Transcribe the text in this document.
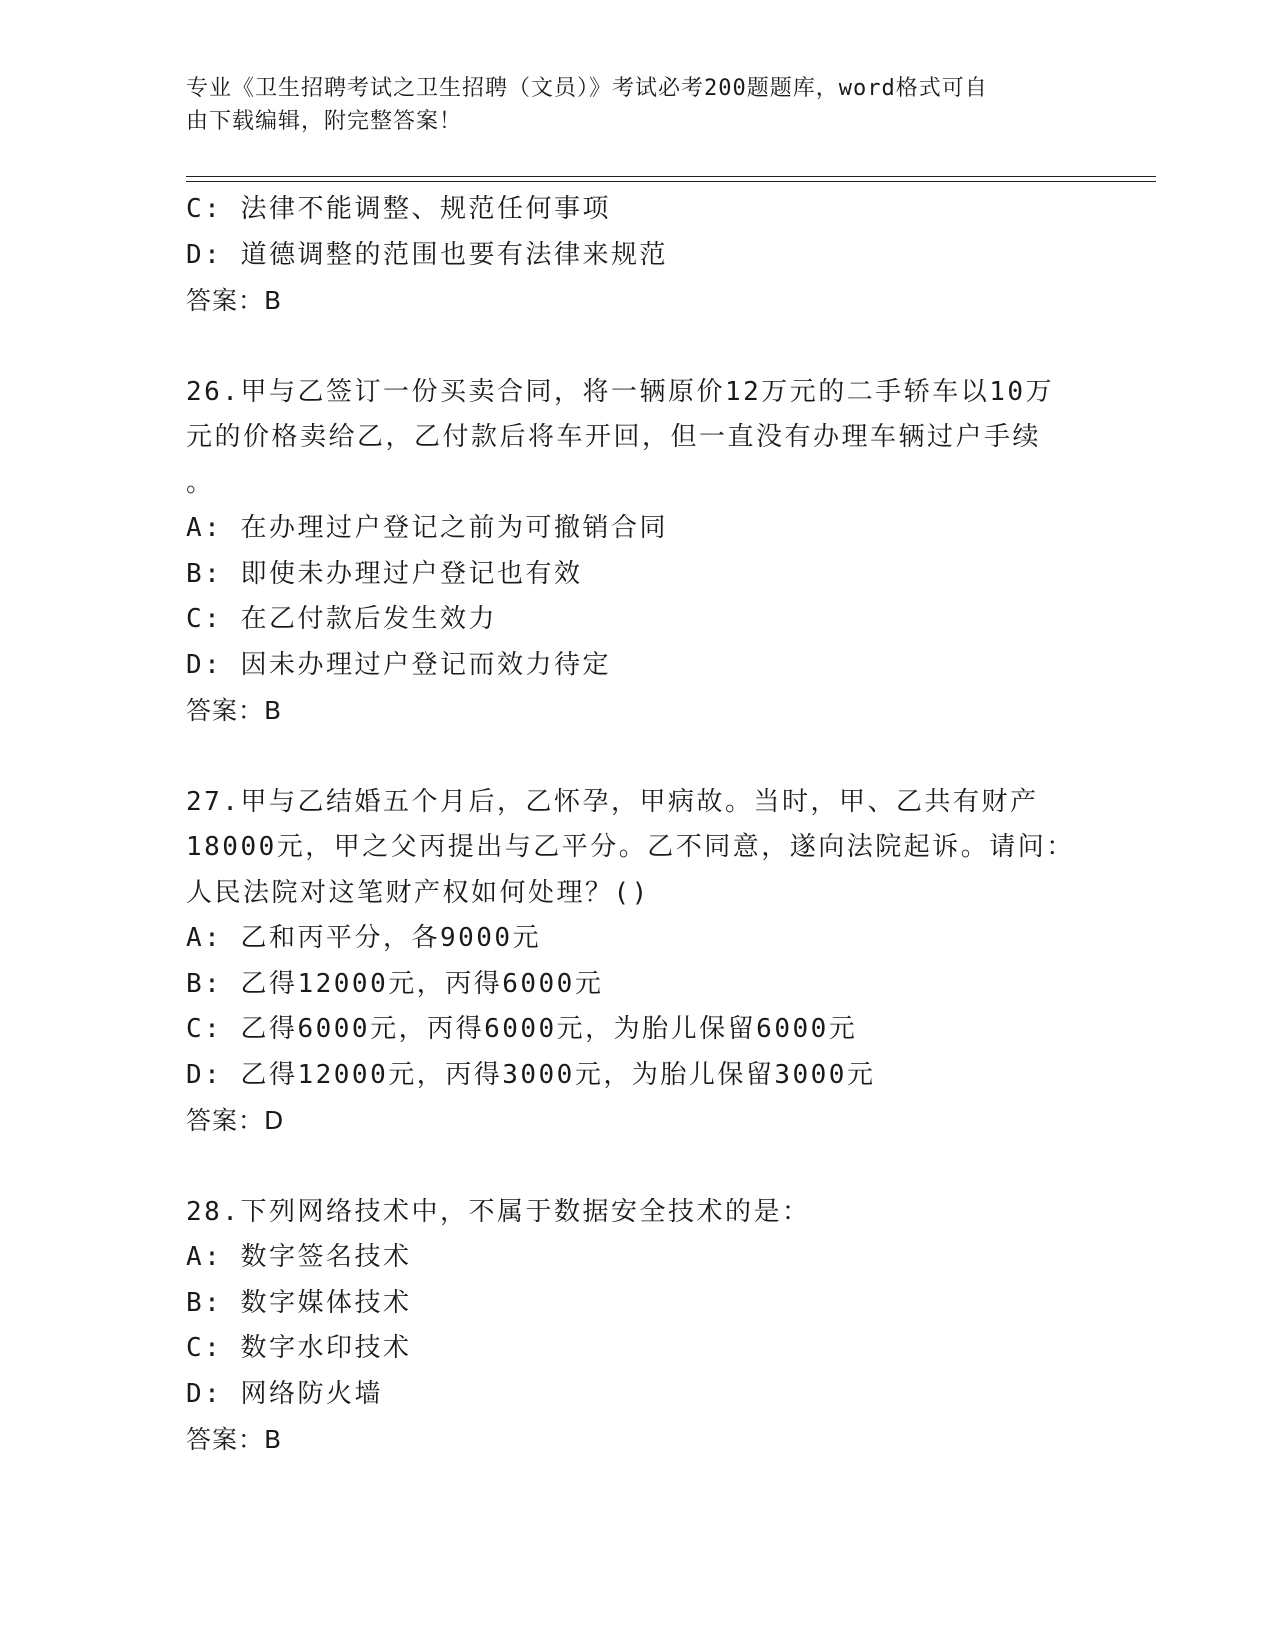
专业《卫生招聘考试之卫生招聘（文员）》考试必考200题题库，word格式可自
由下载编辑，附完整答案！
C: 法律不能调整、规范任何事项
D: 道德调整的范围也要有法律来规范
答案：B
26.甲与乙签订一份买卖合同，将一辆原价12万元的二手轿车以10万
元的价格卖给乙，乙付款后将车开回，但一直没有办理车辆过户手续
。
A: 在办理过户登记之前为可撤销合同
B: 即使未办理过户登记也有效
C: 在乙付款后发生效力
D: 因未办理过户登记而效力待定
答案：B
27.甲与乙结婚五个月后，乙怀孕，甲病故。当时，甲、乙共有财产
18000元，甲之父丙提出与乙平分。乙不同意，遂向法院起诉。请问：
人民法院对这笔财产权如何处理？()
A: 乙和丙平分，各9000元
B: 乙得12000元，丙得6000元
C: 乙得6000元，丙得6000元，为胎儿保留6000元
D: 乙得12000元，丙得3000元，为胎儿保留3000元
答案：D
28.下列网络技术中，不属于数据安全技术的是：
A: 数字签名技术
B: 数字媒体技术
C: 数字水印技术
D: 网络防火墙
答案：B
